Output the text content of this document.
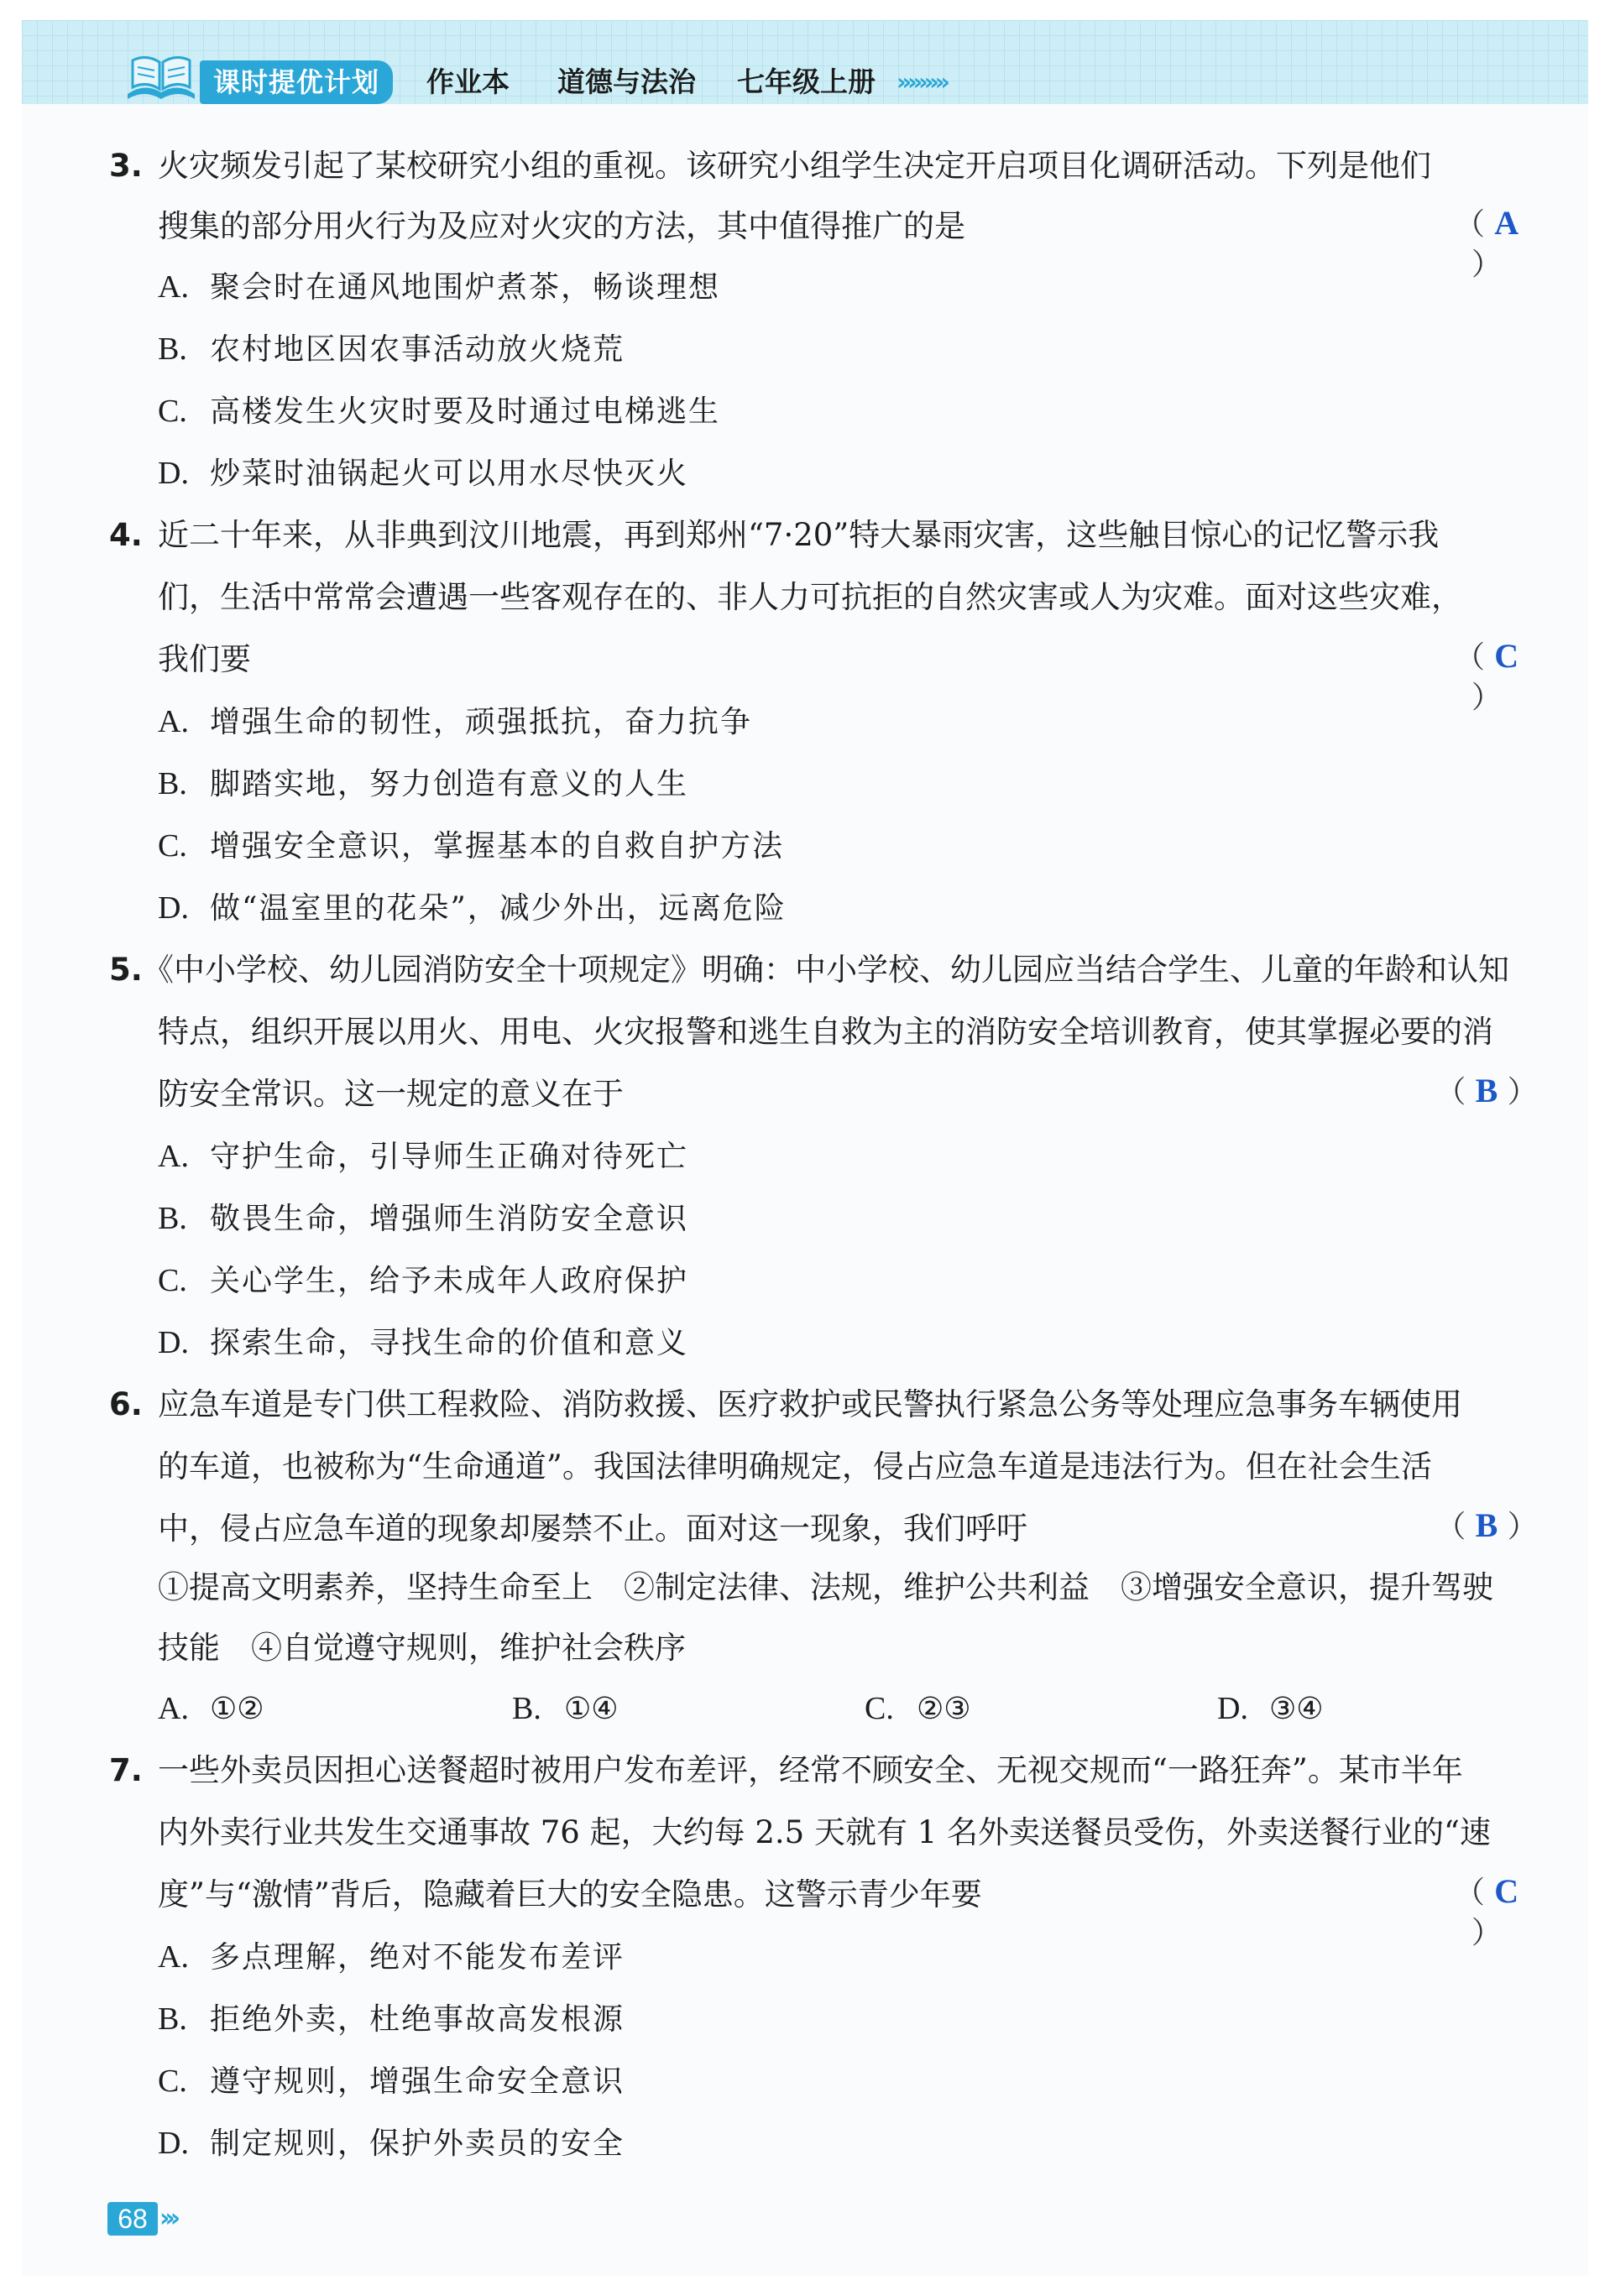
课时提优计划	作业本 道德与法治 七年级上册 ›››››››››
3. 火灾频发引起了某校研究小组的重视。该研究小组学生决定开启项目化调研活动。下列是他们
搜集的部分用火行为及应对火灾的方法，其中值得推广的是	（ A ）
A. 聚会时在通风地围炉煮茶，畅谈理想
B. 农村地区因农事活动放火烧荒
C. 高楼发生火灾时要及时通过电梯逃生
D. 炒菜时油锅起火可以用水尽快灭火
4. 近二十年来，从非典到汶川地震，再到郑州“7·20”特大暴雨灾害，这些触目惊心的记忆警示我
们，生活中常常会遭遇一些客观存在的、非人力可抗拒的自然灾害或人为灾难。面对这些灾难，
我们要	（ C ）
A. 增强生命的韧性，顽强抵抗，奋力抗争
B. 脚踏实地，努力创造有意义的人生
C. 增强安全意识，掌握基本的自救自护方法
D. 做“温室里的花朵”，减少外出，远离危险
5. 《中小学校、幼儿园消防安全十项规定》明确：中小学校、幼儿园应当结合学生、儿童的年龄和认知
特点，组织开展以用火、用电、火灾报警和逃生自救为主的消防安全培训教育，使其掌握必要的消
防安全常识。这一规定的意义在于	（ B ）
A. 守护生命，引导师生正确对待死亡
B. 敬畏生命，增强师生消防安全意识
C. 关心学生，给予未成年人政府保护
D. 探索生命，寻找生命的价值和意义
6. 应急车道是专门供工程救险、消防救援、医疗救护或民警执行紧急公务等处理应急事务车辆使用
的车道，也被称为“生命通道”。我国法律明确规定，侵占应急车道是违法行为。但在社会生活
中，侵占应急车道的现象却屡禁不止。面对这一现象，我们呼吁	（ B ）
①提高文明素养，坚持生命至上　②制定法律、法规，维护公共利益　③增强安全意识，提升驾驶
技能　④自觉遵守规则，维护社会秩序
A. ①②	B. ①④	C. ②③	D. ③④
7. 一些外卖员因担心送餐超时被用户发布差评，经常不顾安全、无视交规而“一路狂奔”。某市半年
内外卖行业共发生交通事故 76 起，大约每 2.5 天就有 1 名外卖送餐员受伤，外卖送餐行业的“速
度”与“激情”背后，隐藏着巨大的安全隐患。这警示青少年要	（ C ）
A. 多点理解，绝对不能发布差评
B. 拒绝外卖，杜绝事故高发根源
C. 遵守规则，增强生命安全意识
D. 制定规则，保护外卖员的安全
68 ›››
